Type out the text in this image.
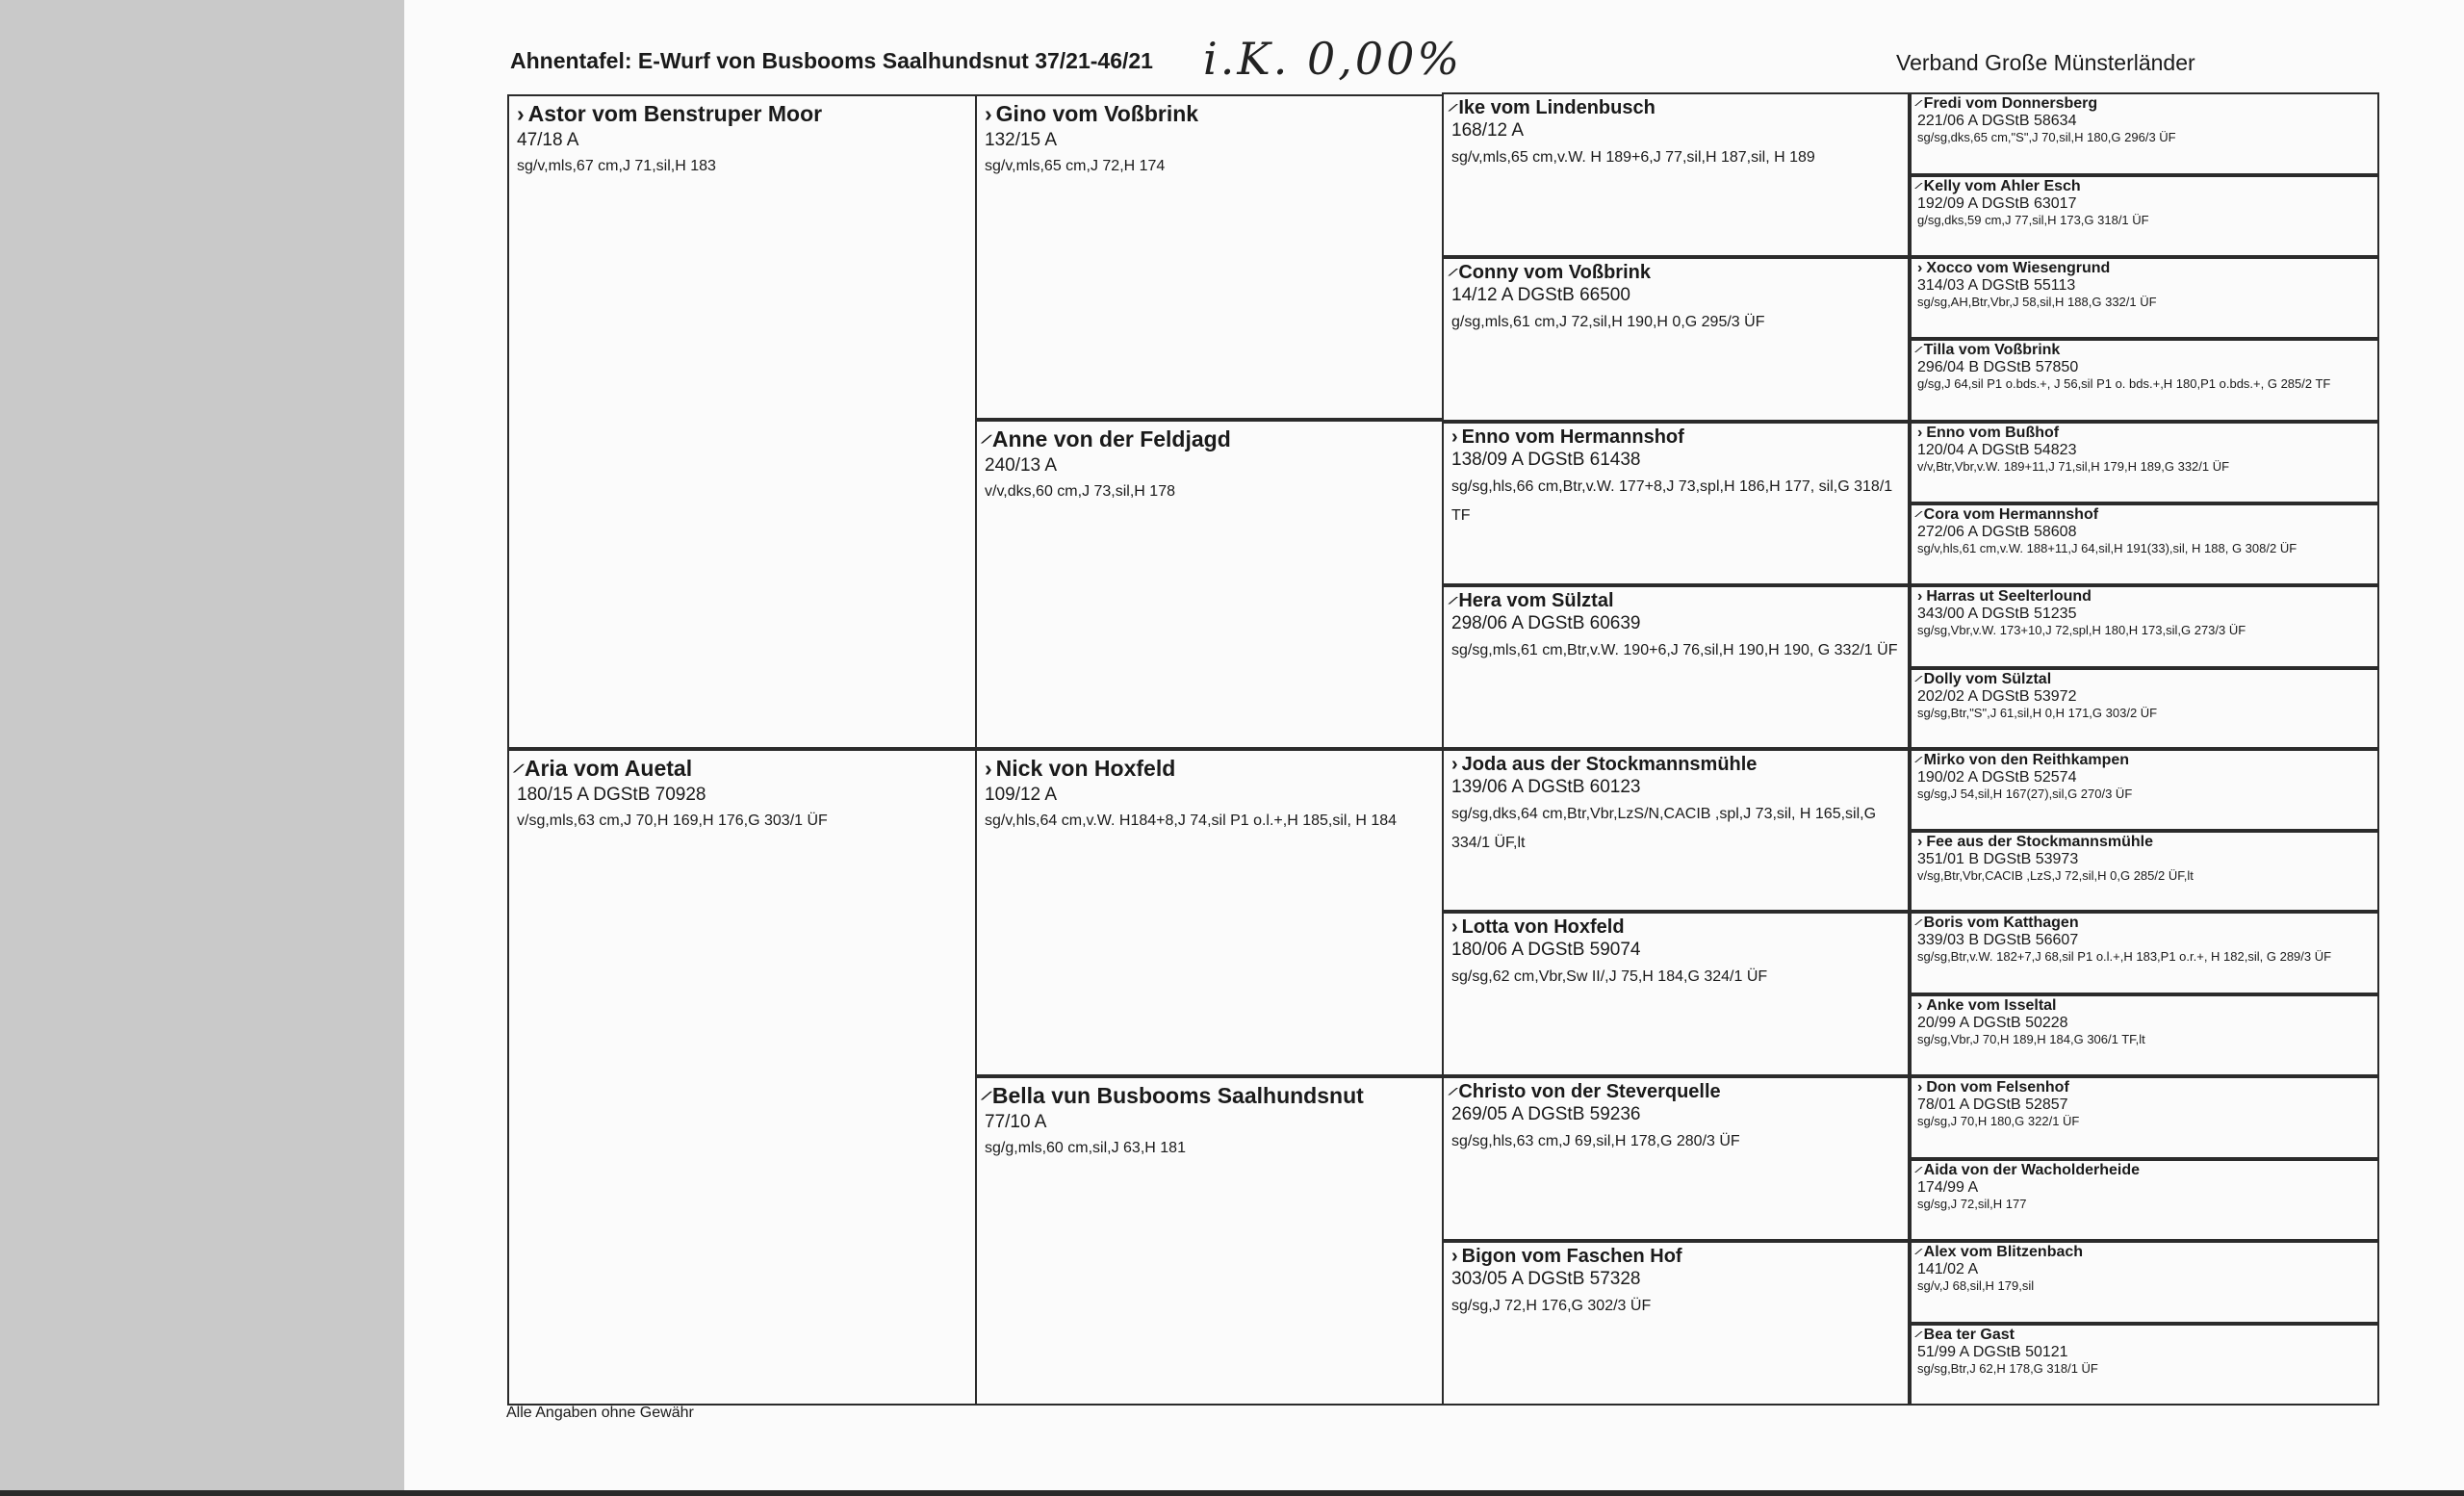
Ahnentafel: E-Wurf von Busbooms Saalhundsnut 37/21-46/21 i.K. 0,00%	Verband Große Münsterländer
› Astor vom Benstruper Moor
47/18 A
sg/v,mls,67 cm,J 71,sil,H 183
∕ Aria vom Auetal
180/15 A DGStB 70928
v/sg,mls,63 cm,J 70,H 169,H 176,G 303/1 ÜF
› Gino vom Voßbrink
132/15 A
sg/v,mls,65 cm,J 72,H 174
∕ Anne von der Feldjagd
240/13 A
v/v,dks,60 cm,J 73,sil,H 178
› Nick von Hoxfeld
109/12 A
sg/v,hls,64 cm,v.W. H184+8,J 74,sil P1 o.l.+,H 185,sil, H 184
∕ Bella vun Busbooms Saalhundsnut
77/10 A
sg/g,mls,60 cm,sil,J 63,H 181
∕ Ike vom Lindenbusch
168/12 A
sg/v,mls,65 cm,v.W. H 189+6,J 77,sil,H 187,sil, H 189
∕ Conny vom Voßbrink
14/12 A DGStB 66500
g/sg,mls,61 cm,J 72,sil,H 190,H 0,G 295/3 ÜF
› Enno vom Hermannshof
138/09 A DGStB 61438
sg/sg,hls,66 cm,Btr,v.W. 177+8,J 73,spl,H 186,H 177, sil,G 318/1 TF
∕ Hera vom Sülztal
298/06 A DGStB 60639
sg/sg,mls,61 cm,Btr,v.W. 190+6,J 76,sil,H 190,H 190, G 332/1 ÜF
› Joda aus der Stockmannsmühle
139/06 A DGStB 60123
sg/sg,dks,64 cm,Btr,Vbr,LzS/N,CACIB ,spl,J 73,sil, H 165,sil,G 334/1 ÜF,lt
› Lotta von Hoxfeld
180/06 A DGStB 59074
sg/sg,62 cm,Vbr,Sw II/,J 75,H 184,G 324/1 ÜF
∕ Christo von der Steverquelle
269/05 A DGStB 59236
sg/sg,hls,63 cm,J 69,sil,H 178,G 280/3 ÜF
› Bigon vom Faschen Hof
303/05 A DGStB 57328
sg/sg,J 72,H 176,G 302/3 ÜF
∕ Fredi vom Donnersberg
221/06 A DGStB 58634
sg/sg,dks,65 cm,"S",J 70,sil,H 180,G 296/3 ÜF
∕ Kelly vom Ahler Esch
192/09 A DGStB 63017
g/sg,dks,59 cm,J 77,sil,H 173,G 318/1 ÜF
› Xocco vom Wiesengrund
314/03 A DGStB 55113
sg/sg,AH,Btr,Vbr,J 58,sil,H 188,G 332/1 ÜF
∕ Tilla vom Voßbrink
296/04 B DGStB 57850
g/sg,J 64,sil P1 o.bds.+, J 56,sil P1 o. bds.+,H 180,P1 o.bds.+, G 285/2 TF
› Enno vom Bußhof
120/04 A DGStB 54823
v/v,Btr,Vbr,v.W. 189+11,J 71,sil,H 179,H 189,G 332/1 ÜF
∕ Cora vom Hermannshof
272/06 A DGStB 58608
sg/v,hls,61 cm,v.W. 188+11,J 64,sil,H 191(33),sil, H 188, G 308/2 ÜF
› Harras ut Seelterlound
343/00 A DGStB 51235
sg/sg,Vbr,v.W. 173+10,J 72,spl,H 180,H 173,sil,G 273/3 ÜF
∕ Dolly vom Sülztal
202/02 A DGStB 53972
sg/sg,Btr,"S",J 61,sil,H 0,H 171,G 303/2 ÜF
∕ Mirko von den Reithkampen
190/02 A DGStB 52574
sg/sg,J 54,sil,H 167(27),sil,G 270/3 ÜF
› Fee aus der Stockmannsmühle
351/01 B DGStB 53973
v/sg,Btr,Vbr,CACIB ,LzS,J 72,sil,H 0,G 285/2 ÜF,lt
∕ Boris vom Katthagen
339/03 B DGStB 56607
sg/sg,Btr,v.W. 182+7,J 68,sil P1 o.l.+,H 183,P1 o.r.+, H 182,sil, G 289/3 ÜF
› Anke vom Isseltal
20/99 A DGStB 50228
sg/sg,Vbr,J 70,H 189,H 184,G 306/1 TF,lt
› Don vom Felsenhof
78/01 A DGStB 52857
sg/sg,J 70,H 180,G 322/1 ÜF
∕ Aida von der Wacholderheide
174/99 A
sg/sg,J 72,sil,H 177
∕ Alex vom Blitzenbach
141/02 A
sg/v,J 68,sil,H 179,sil
∕ Bea ter Gast
51/99 A DGStB 50121
sg/sg,Btr,J 62,H 178,G 318/1 ÜF
Alle Angaben ohne Gewähr
